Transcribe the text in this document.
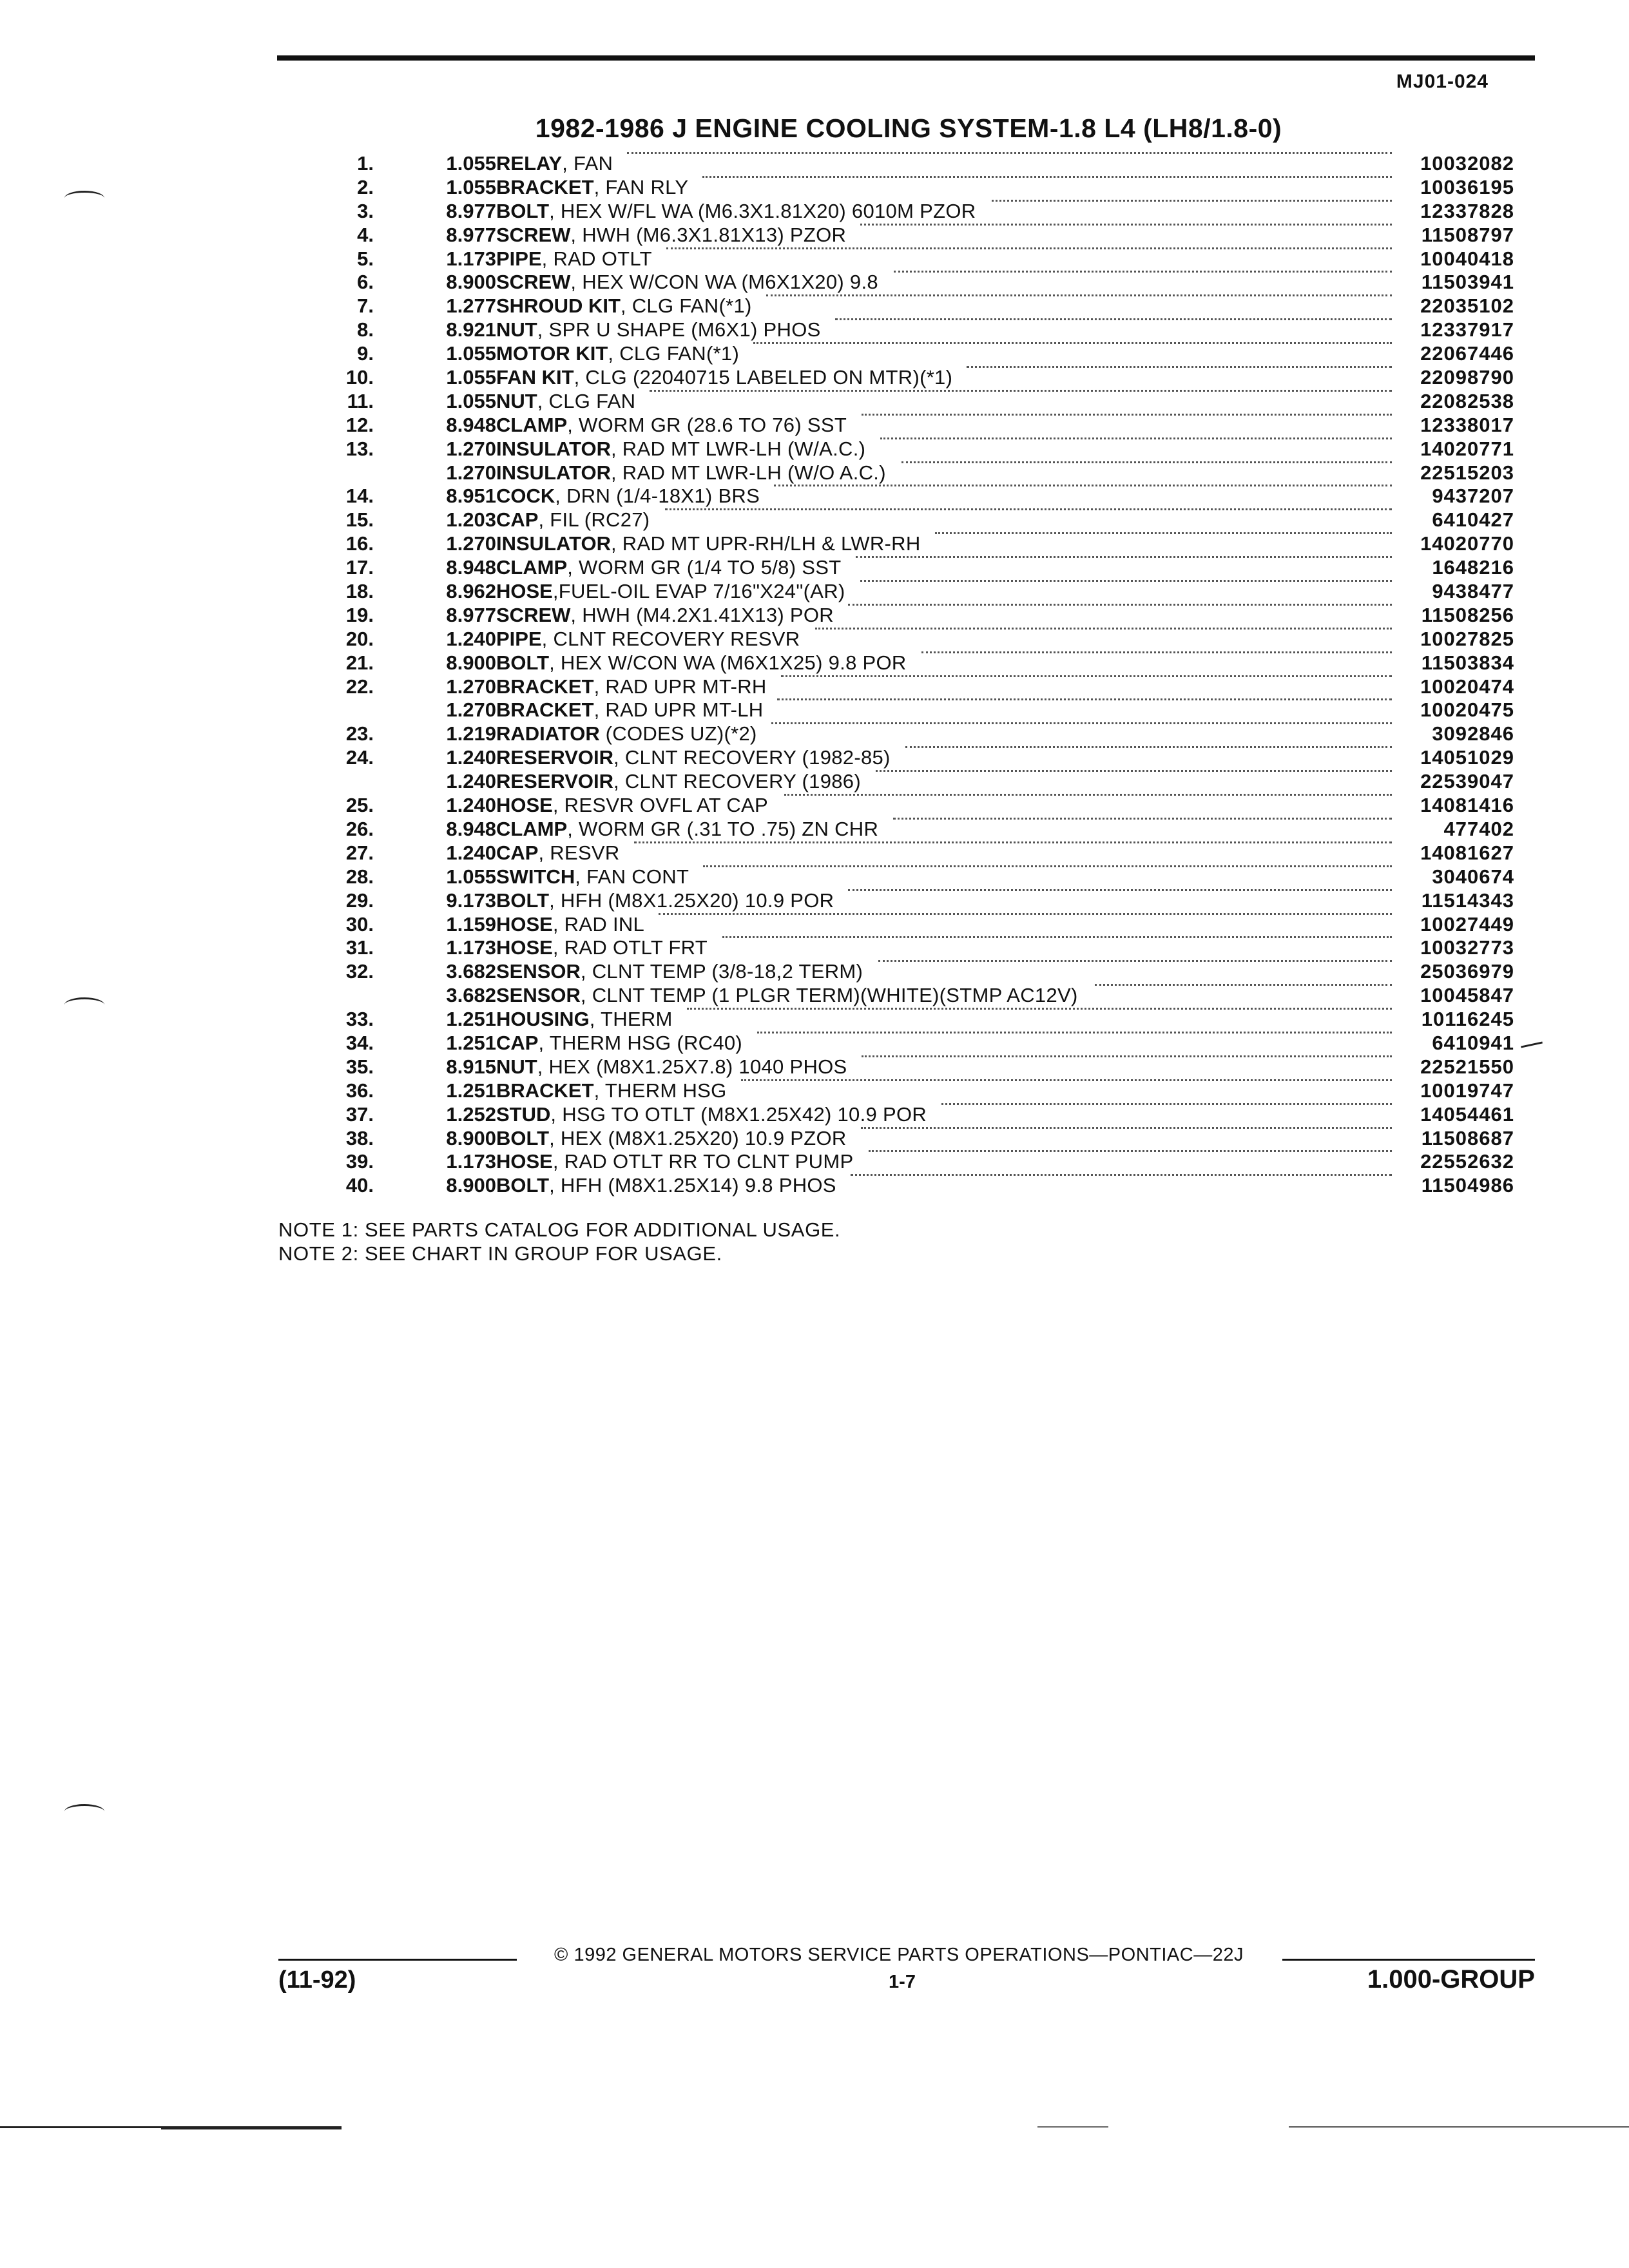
MJ01-024
1982-1986 J ENGINE COOLING SYSTEM-1.8 L4 (LH8/1.8-0)
1.	1.055 RELAY, FAN	10032082
2.	1.055 BRACKET, FAN RLY	10036195
3.	8.977 BOLT, HEX W/FL WA (M6.3X1.81X20) 6010M PZOR	12337828
4.	8.977 SCREW, HWH (M6.3X1.81X13) PZOR	11508797
5.	1.173 PIPE, RAD OTLT	10040418
6.	8.900 SCREW, HEX W/CON WA (M6X1X20) 9.8	11503941
7.	1.277 SHROUD KIT, CLG FAN(*1)	22035102
8.	8.921 NUT, SPR U SHAPE (M6X1) PHOS	12337917
9.	1.055 MOTOR KIT, CLG FAN(*1)	22067446
10.	1.055 FAN KIT, CLG (22040715 LABELED ON MTR)(*1)	22098790
11.	1.055 NUT, CLG FAN	22082538
12.	8.948 CLAMP, WORM GR (28.6 TO 76) SST	12338017
13.	1.270 INSULATOR, RAD MT LWR-LH (W/A.C.)	14020771
1.270 INSULATOR, RAD MT LWR-LH (W/O A.C.)	22515203
14.	8.951 COCK, DRN (1/4-18X1) BRS	9437207
15.	1.203 CAP, FIL (RC27)	6410427
16.	1.270 INSULATOR, RAD MT UPR-RH/LH & LWR-RH	14020770
17.	8.948 CLAMP, WORM GR (1/4 TO 5/8) SST	1648216
18.	8.962 HOSE,FUEL-OIL EVAP 7/16"X24"(AR)	9438477
19.	8.977 SCREW, HWH (M4.2X1.41X13) POR	11508256
20.	1.240 PIPE, CLNT RECOVERY RESVR	10027825
21.	8.900 BOLT, HEX W/CON WA (M6X1X25) 9.8 POR	11503834
22.	1.270 BRACKET, RAD UPR MT-RH	10020474
1.270 BRACKET, RAD UPR MT-LH	10020475
23.	1.219 RADIATOR (CODES UZ)(*2)	3092846
24.	1.240 RESERVOIR, CLNT RECOVERY (1982-85)	14051029
1.240 RESERVOIR, CLNT RECOVERY (1986)	22539047
25.	1.240 HOSE, RESVR OVFL AT CAP	14081416
26.	8.948 CLAMP, WORM GR (.31 TO .75) ZN CHR	477402
27.	1.240 CAP, RESVR	14081627
28.	1.055 SWITCH, FAN CONT	3040674
29.	9.173 BOLT, HFH (M8X1.25X20) 10.9 POR	11514343
30.	1.159 HOSE, RAD INL	10027449
31.	1.173 HOSE, RAD OTLT FRT	10032773
32.	3.682 SENSOR, CLNT TEMP (3/8-18,2 TERM)	25036979
3.682 SENSOR, CLNT TEMP (1 PLGR TERM)(WHITE)(STMP AC12V)	10045847
33.	1.251 HOUSING, THERM	10116245
34.	1.251 CAP, THERM HSG (RC40)	6410941
35.	8.915 NUT, HEX (M8X1.25X7.8) 1040 PHOS	22521550
36.	1.251 BRACKET, THERM HSG	10019747
37.	1.252 STUD, HSG TO OTLT (M8X1.25X42) 10.9 POR	14054461
38.	8.900 BOLT, HEX (M8X1.25X20) 10.9 PZOR	11508687
39.	1.173 HOSE, RAD OTLT RR TO CLNT PUMP	22552632
40.	8.900 BOLT, HFH (M8X1.25X14) 9.8 PHOS	11504986
NOTE 1: SEE PARTS CATALOG FOR ADDITIONAL USAGE.
NOTE 2: SEE CHART IN GROUP FOR USAGE.
© 1992 GENERAL MOTORS SERVICE PARTS OPERATIONS—PONTIAC—22J
(11-92)	1-7	1.000-GROUP
